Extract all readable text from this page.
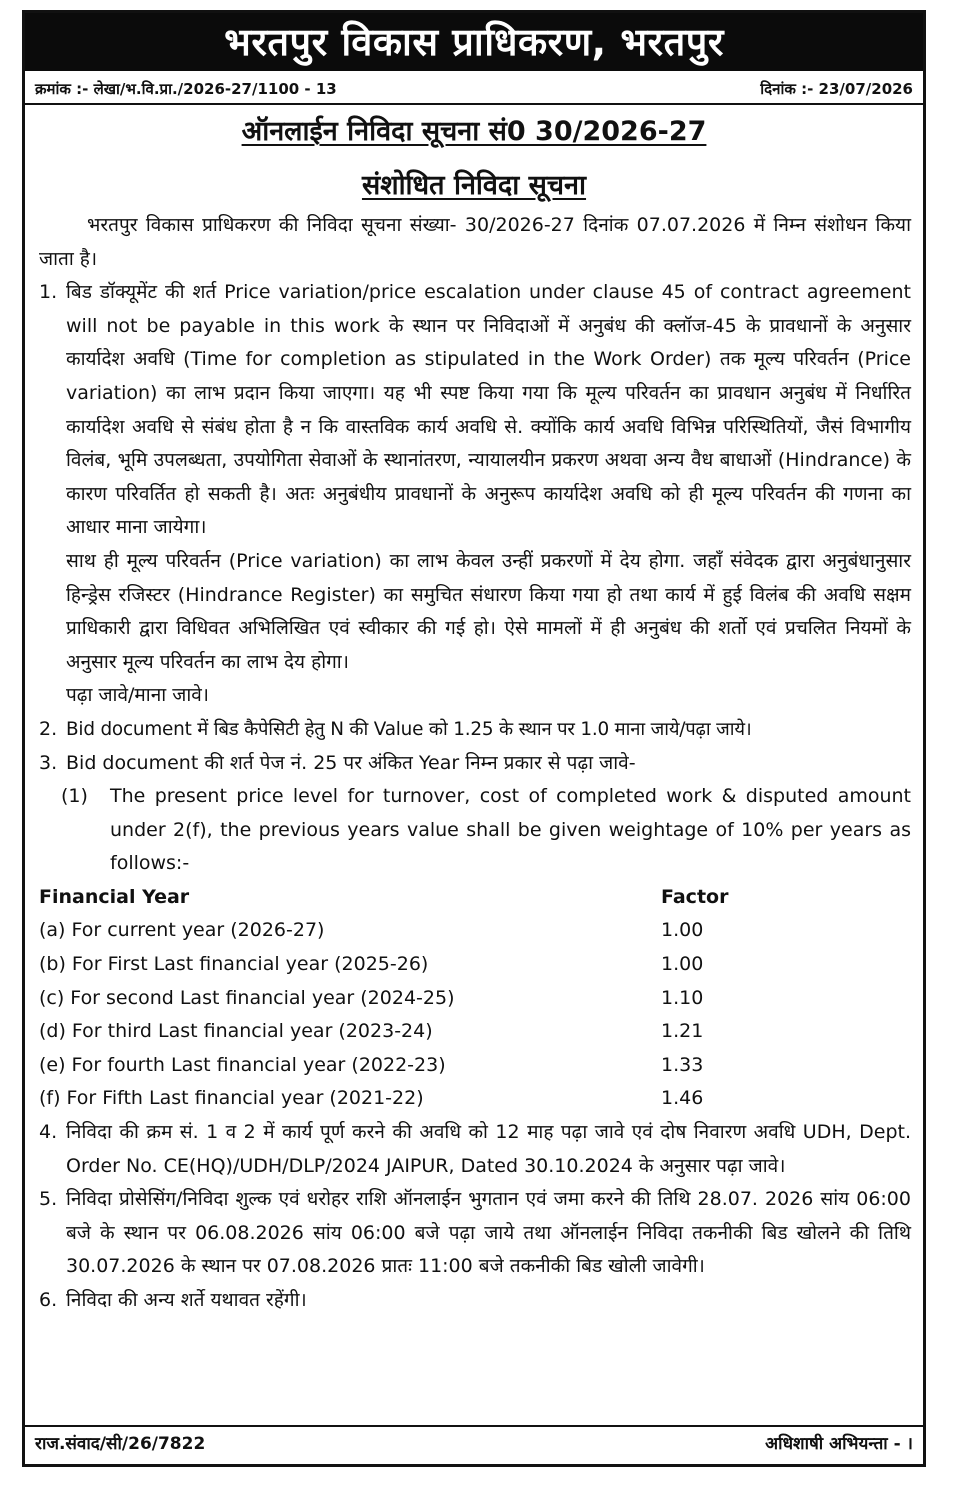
भरतपुर विकास प्राधिकरण, भरतपुर
क्रमांक :- लेखा/भ.वि.प्रा./2026-27/1100 - 13	दिनांक :- 23/07/2026
ऑनलाईन निविदा सूचना सं0 30/2026-27
संशोधित निविदा सूचना

भरतपुर विकास प्राधिकरण की निविदा सूचना संख्या- 30/2026-27 दिनांक 07.07.2026 में निम्न संशोधन किया जाता है।

1. बिड डॉक्यूमेंट की शर्त Price variation/price escalation under clause 45 of contract agreement will not be payable in this work के स्थान पर निविदाओं में अनुबंध की क्लॉज-45 के प्रावधानों के अनुसार कार्यादेश अवधि (Time for completion as stipulated in the Work Order) तक मूल्य परिवर्तन (Price variation) का लाभ प्रदान किया जाएगा। यह भी स्पष्ट किया गया कि मूल्य परिवर्तन का प्रावधान अनुबंध में निर्धारित कार्यादेश अवधि से संबंध होता है न कि वास्तविक कार्य अवधि से. क्योंकि कार्य अवधि विभिन्न परिस्थितियों, जैसं विभागीय विलंब, भूमि उपलब्धता, उपयोगिता सेवाओं के स्थानांतरण, न्यायालयीन प्रकरण अथवा अन्य वैध बाधाओं (Hindrance) के कारण परिवर्तित हो सकती है। अतः अनुबंधीय प्रावधानों के अनुरूप कार्यादेश अवधि को ही मूल्य परिवर्तन की गणना का आधार माना जायेगा।

साथ ही मूल्य परिवर्तन (Price variation) का लाभ केवल उन्हीं प्रकरणों में देय होगा. जहाँ संवेदक द्वारा अनुबंधानुसार हिन्ड्रेस रजिस्टर (Hindrance Register) का समुचित संधारण किया गया हो तथा कार्य में हुई विलंब की अवधि सक्षम प्राधिकारी द्वारा विधिवत अभिलिखित एवं स्वीकार की गई हो। ऐसे मामलों में ही अनुबंध की शर्तो एवं प्रचलित नियमों के अनुसार मूल्य परिवर्तन का लाभ देय होगा।

पढ़ा जावे/माना जावे।

2. Bid document में बिड कैपेसिटी हेतु N की Value को 1.25 के स्थान पर 1.0 माना जाये/पढ़ा जाये।

3. Bid document की शर्त पेज नं. 25 पर अंकित Year निम्न प्रकार से पढ़ा जावे-

(1) The present price level for turnover, cost of completed work & disputed amount under 2(f), the previous years value shall be given weightage of 10% per years as follows:-

Financial Year	Factor
(a) For current year (2026-27)	1.00
(b) For First Last financial year (2025-26)	1.00
(c) For second Last financial year (2024-25)	1.10
(d) For third Last financial year (2023-24)	1.21
(e) For fourth Last financial year (2022-23)	1.33
(f) For Fifth Last financial year (2021-22)	1.46
4. निविदा की क्रम सं. 1 व 2 में कार्य पूर्ण करने की अवधि को 12 माह पढ़ा जावे एवं दोष निवारण अवधि UDH, Dept. Order No. CE(HQ)/UDH/DLP/2024 JAIPUR, Dated 30.10.2024 के अनुसार पढ़ा जावे।

5. निविदा प्रोसेसिंग/निविदा शुल्क एवं धरोहर राशि ऑनलाईन भुगतान एवं जमा करने की तिथि 28.07. 2026 सांय 06:00 बजे के स्थान पर 06.08.2026 सांय 06:00 बजे पढ़ा जाये तथा ऑनलाईन निविदा तकनीकी बिड खोलने की तिथि 30.07.2026 के स्थान पर 07.08.2026 प्रातः 11:00 बजे तकनीकी बिड खोली जावेगी।

6. निविदा की अन्य शर्ते यथावत रहेंगी।

राज.संवाद/सी/26/7822	अधिशाषी अभियन्ता - ।
